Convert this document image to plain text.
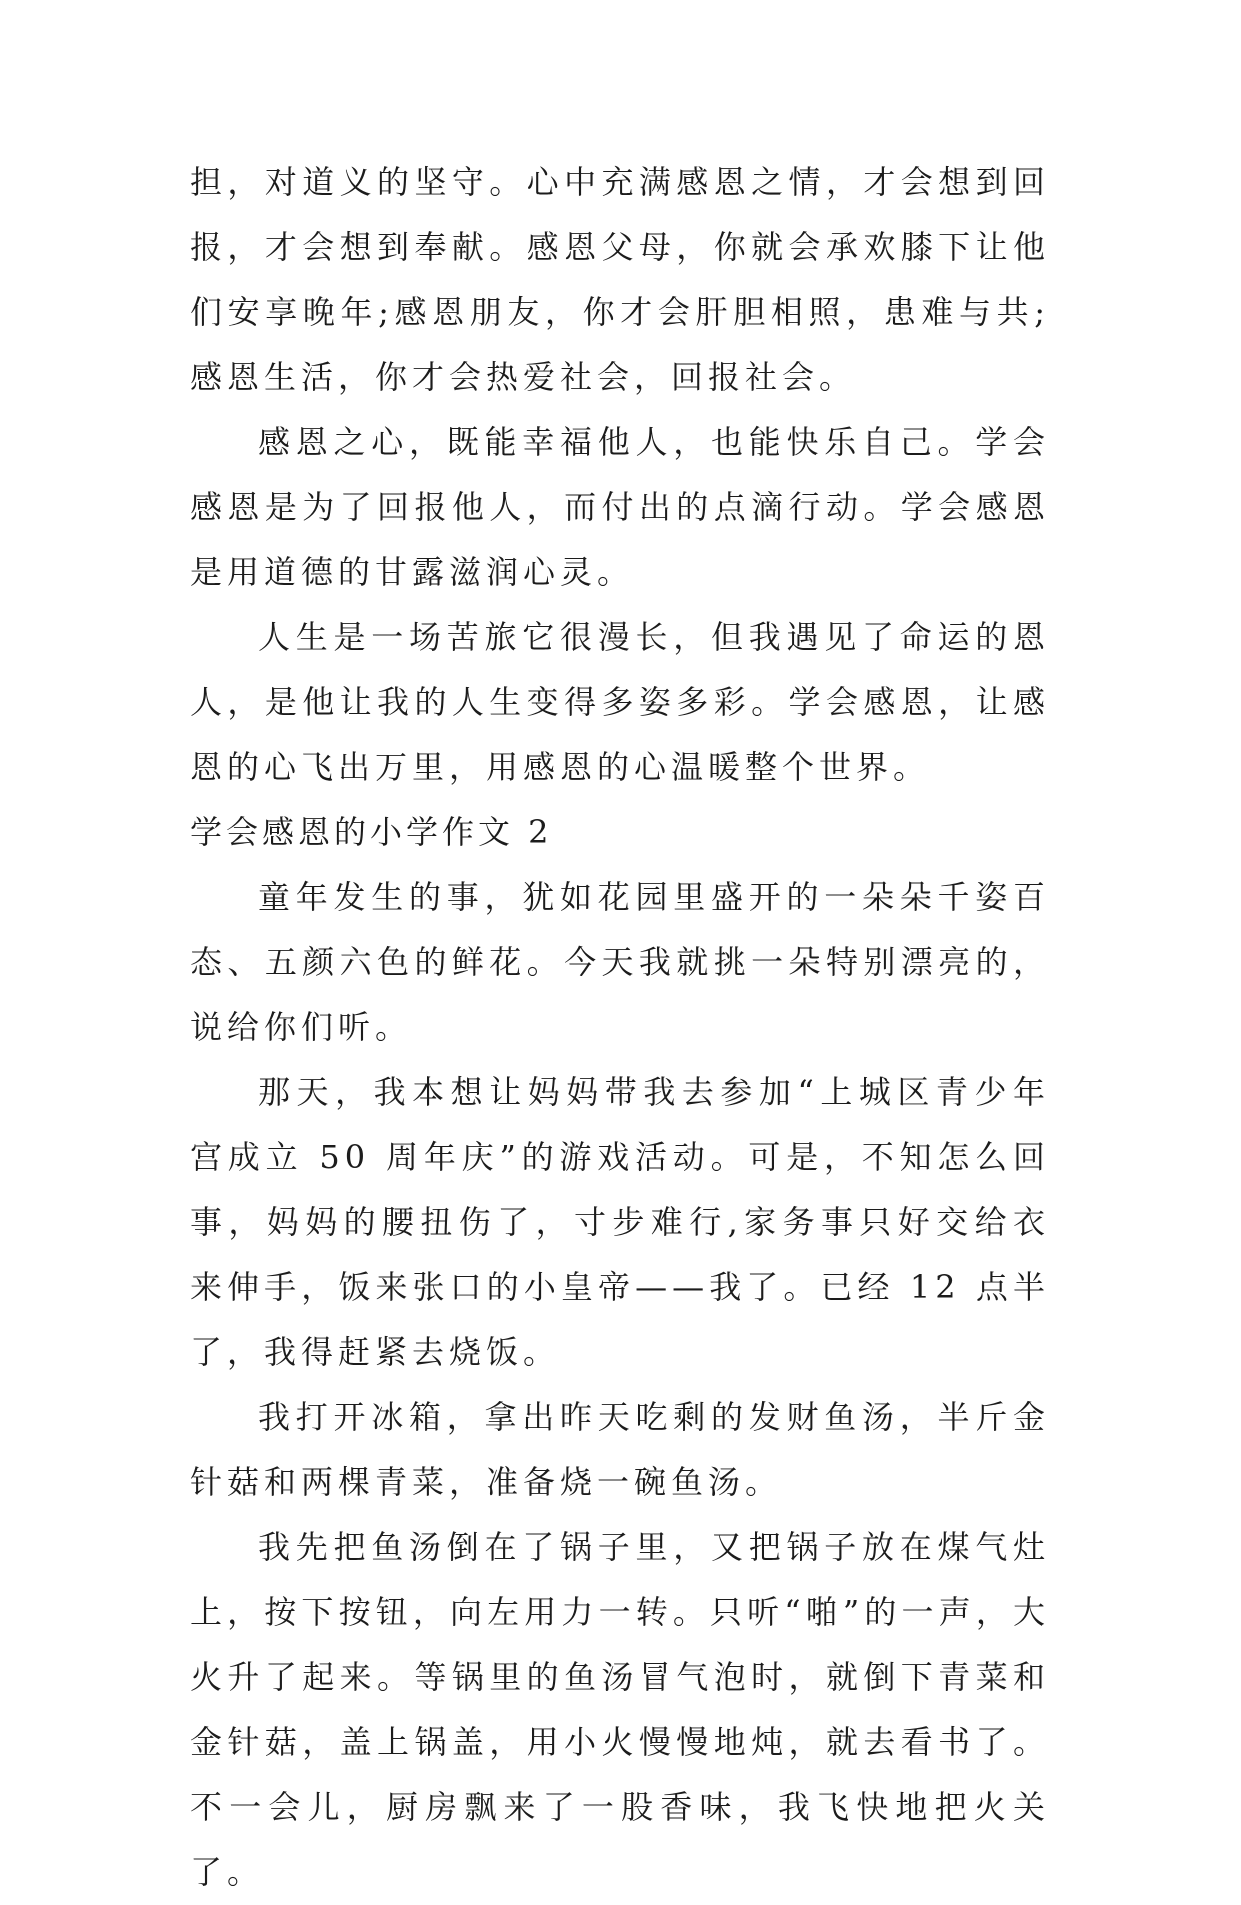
担，对道义的坚守。心中充满感恩之情，才会想到回报，才会想到奉献。感恩父母，你就会承欢膝下让他们安享晚年;感恩朋友，你才会肝胆相照，患难与共;感恩生活，你才会热爱社会，回报社会。

感恩之心，既能幸福他人，也能快乐自己。学会感恩是为了回报他人，而付出的点滴行动。学会感恩是用道德的甘露滋润心灵。

人生是一场苦旅它很漫长，但我遇见了命运的恩人，是他让我的人生变得多姿多彩。学会感恩，让感恩的心飞出万里，用感恩的心温暖整个世界。

学会感恩的小学作文 2

童年发生的事，犹如花园里盛开的一朵朵千姿百态、五颜六色的鲜花。今天我就挑一朵特别漂亮的，说给你们听。

那天，我本想让妈妈带我去参加“上城区青少年宫成立 50 周年庆”的游戏活动。可是，不知怎么回事，妈妈的腰扭伤了，寸步难行,家务事只好交给衣来伸手，饭来张口的小皇帝——我了。已经 12 点半了，我得赶紧去烧饭。

我打开冰箱，拿出昨天吃剩的发财鱼汤，半斤金针菇和两棵青菜，准备烧一碗鱼汤。

我先把鱼汤倒在了锅子里，又把锅子放在煤气灶上，按下按钮，向左用力一转。只听“啪”的一声，大火升了起来。等锅里的鱼汤冒气泡时，就倒下青菜和金针菇，盖上锅盖，用小火慢慢地炖，就去看书了。不一会儿，厨房飘来了一股香味，我飞快地把火关了。
